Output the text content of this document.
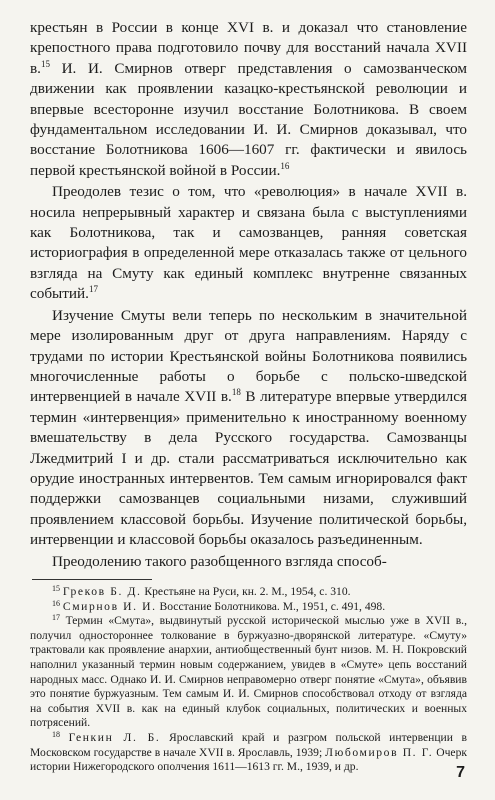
крестьян в России в конце XVI в. и доказал что становление крепостного права подготовило почву для восстаний начала XVII в.$^{15}$ И. И. Смирнов отверг представления о самозванческом движении как проявлении казацко-крестьянской революции и впервые всесторонне изучил восстание Болотникова. В своем фундаментальном исследовании И. И. Смирнов доказывал, что восстание Болотникова 1606—1607 гг. фактически и явилось первой крестьянской войной в России.$^{16}$

Преодолев тезис о том, что «революция» в начале XVII в. носила непрерывный характер и связана была с выступлениями как Болотникова, так и самозванцев, ранняя советская историография в определенной мере отказалась также от цельного взгляда на Смуту как единый комплекс внутренне связанных событий.$^{17}$

Изучение Смуты вели теперь по нескольким в значительной мере изолированным друг от друга направлениям. Наряду с трудами по истории Крестьянской войны Болотникова появились многочисленные работы о борьбе с польско-шведской интервенцией в начале XVII в.$^{18}$ В литературе впервые утвердился термин «интервенция» применительно к иностранному военному вмешательству в дела Русского государства. Самозванцы Лжедмитрий I и др. стали рассматриваться исключительно как орудие иностранных интервентов. Тем самым игнорировался факт поддержки самозванцев социальными низами, служивший проявлением классовой борьбы. Изучение политической борьбы, интервенции и классовой борьбы оказалось разъединенным.

Преодолению такого разобщенного взгляда способ-

$^{15}$ Греков Б. Д. Крестьяне на Руси, кн. 2. М., 1954, с. 310.

$^{16}$ Смирнов И. И. Восстание Болотникова. М., 1951, с. 491, 498.

$^{17}$ Термин «Смута», выдвинутый русской исторической мыслью уже в XVII в., получил одностороннее толкование в буржуазно-дворянской литературе. «Смуту» трактовали как проявление анархии, антиобщественный бунт низов. М. Н. Покровский наполнил указанный термин новым содержанием, увидев в «Смуте» цепь восстаний народных масс. Однако И. И. Смирнов неправомерно отверг понятие «Смута», объявив это понятие буржуазным. Тем самым И. И. Смирнов способствовал отходу от взгляда на события XVII в. как на единый клубок социальных, политических и военных потрясений.

$^{18}$ Генкин Л. Б. Ярославский край и разгром польской интервенции в Московском государстве в начале XVII в. Ярославль, 1939; Любомиров П. Г. Очерк истории Нижегородского ополчения 1611—1613 гг. М., 1939, и др.	7
